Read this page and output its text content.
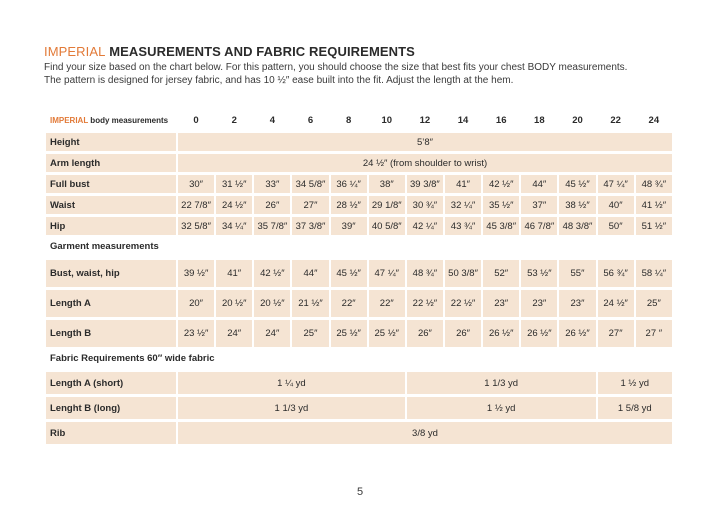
IMPERIAL MEASUREMENTS AND FABRIC REQUIREMENTS

Find your size based on the chart below. For this pattern, you should choose the size that best fits your chest BODY measurements.

The pattern is designed for jersey fabric, and has 10 ½″ ease built into the fit. Adjust the length at the hem.

IMPERIAL body measurements	0	2	4	6	8	10	12	14	16	18	20	22	24

Height	5’8″												

Arm length	24 ½″ (from shoulder to wrist)												

Full bust	30″	31 ½″	33″	34 5/8″	36 ¼″	38″	39 3/8″	41″	42 ½″	44″	45 ½″	47 ¼″	48 ¾″

Waist	22 7/8″	24 ½″	26″	27″	28 ½″	29 1/8″	30 ¾″	32 ¼″	35 ½″	37″	38 ½″	40″	41 ½″

Hip	32 5/8″	34 ¼″	35 7/8″	37 3/8″	39″	40 5/8″	42 ¼″	43 ¾″	45 3/8″	46 7/8″	48 3/8″	50″	51 ½″
Garment measurements													

Bust, waist, hip	39 ½″	41″	42 ½″	44″	45 ½″	47 ¼″	48 ¾″	50 3/8″	52″	53 ½″	55″	56 ¾″	58 ¼″

Length A	20″	20 ½″	20 ½″	21 ½″	22″	22″	22 ½″	22 ½″	23″	23″	23″	24 ½″	25″

Length B	23 ½″	24″	24″	25″	25 ½″	25 ½″	26″	26″	26 ½″	26 ½″	26 ½″	27″	27 ″
Fabric Requirements 60″ wide fabric													

Length A (short)	1 ¼ yd						1 1/3 yd					1 ½ yd	

Lenght B (long)	1 1/3 yd						1 ½ yd					1 5/8 yd	

Rib	3/8 yd												
5
